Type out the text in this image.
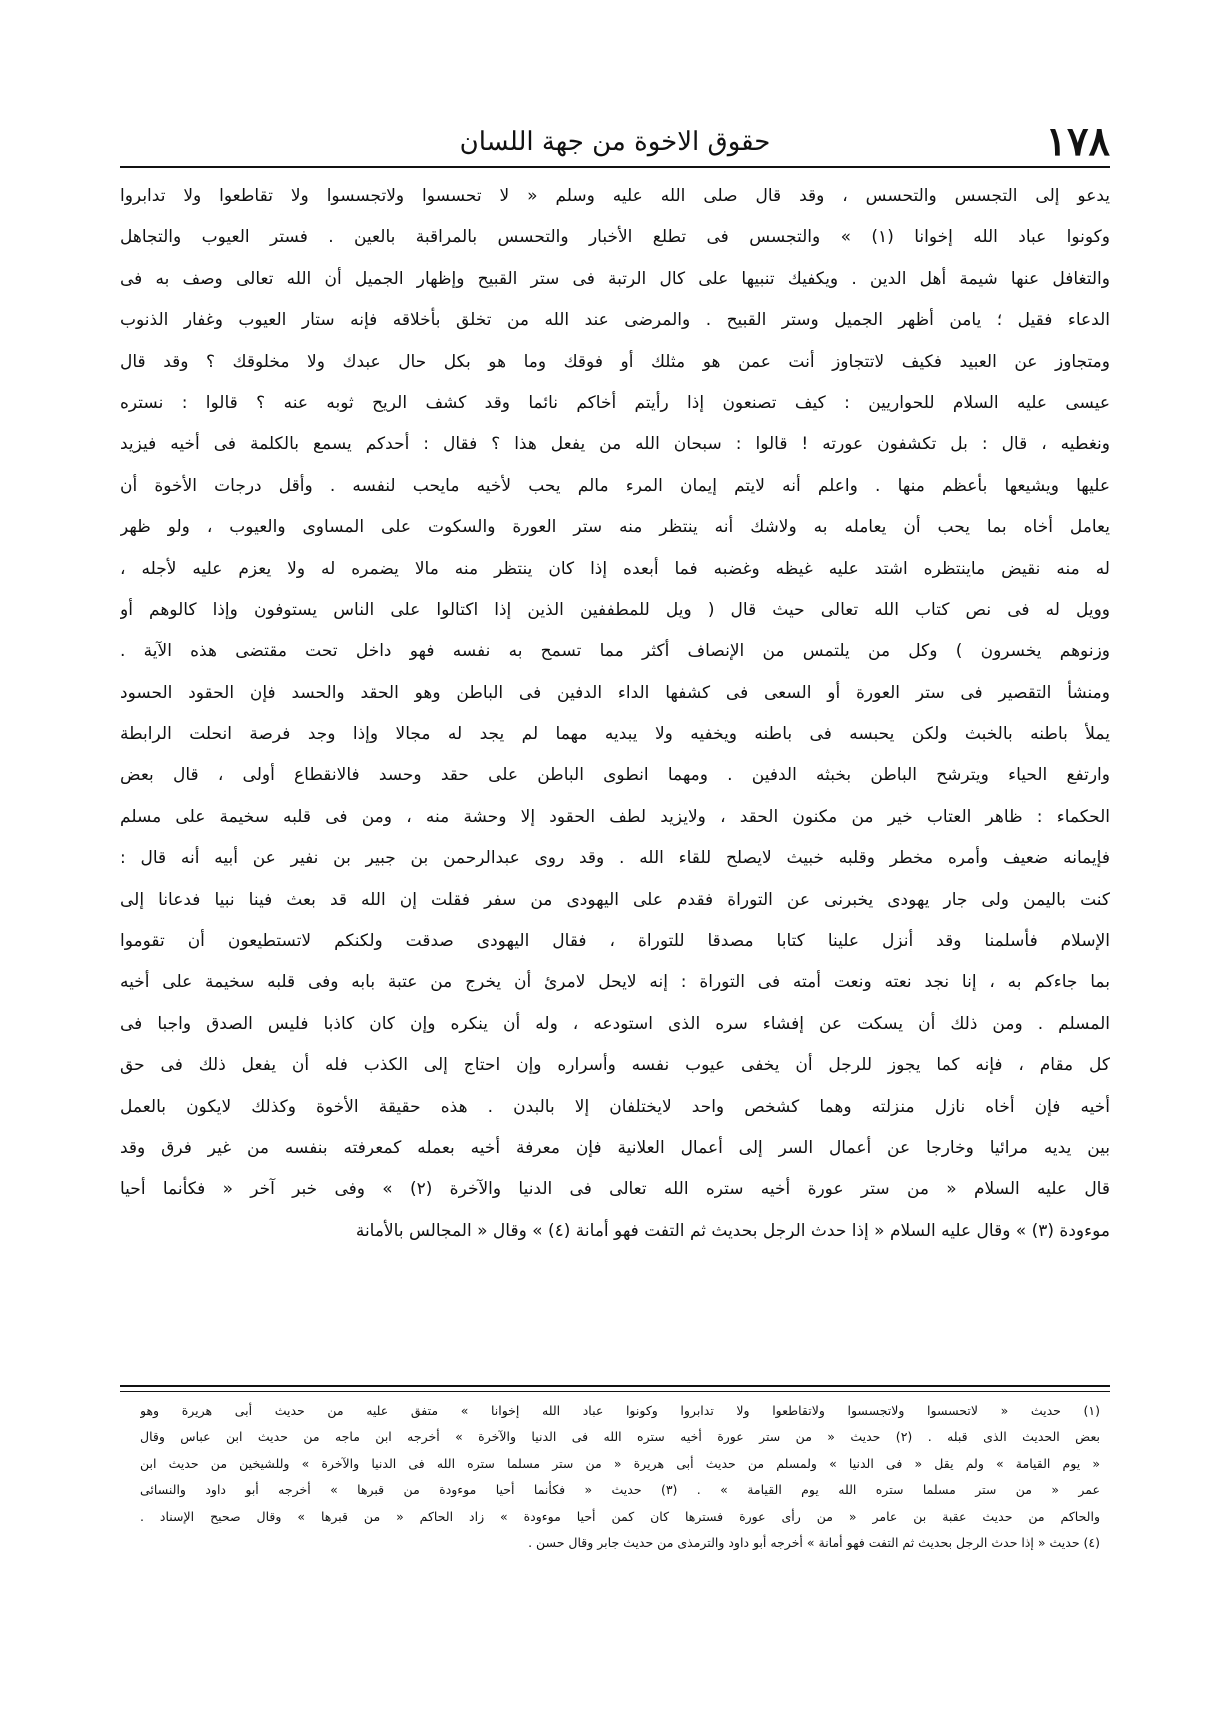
١٧٨
حقوق الاخوة من جهة اللسان
يدعو إلى التجسس والتحسس ، وقد قال صلى الله عليه وسلم « لا تحسسوا ولاتجسسوا ولا تقاطعوا ولا تدابروا
وكونوا عباد الله إخوانا (١) » والتجسس فى تطلع الأخبار والتحسس بالمراقبة بالعين . فستر العيوب والتجاهل
والتغافل عنها شيمة أهل الدين . ويكفيك تنبيها على كال الرتبة فى ستر القبيح وإظهار الجميل أن الله تعالى وصف به فى
الدعاء فقيل ؛ يامن أظهر الجميل وستر القبيح . والمرضى عند الله من تخلق بأخلاقه فإنه ستار العيوب وغفار الذنوب
ومتجاوز عن العبيد فكيف لاتتجاوز أنت عمن هو مثلك أو فوقك وما هو بكل حال عبدك ولا مخلوقك ؟ وقد قال
عيسى عليه السلام للحواريين : كيف تصنعون إذا رأيتم أخاكم نائما وقد كشف الريح ثوبه عنه ؟ قالوا : نستره
ونغطيه ، قال : بل تكشفون عورته ! قالوا : سبحان الله من يفعل هذا ؟ فقال : أحدكم يسمع بالكلمة فى أخيه فيزيد
عليها ويشيعها بأعظم منها . واعلم أنه لايتم إيمان المرء مالم يحب لأخيه مايحب لنفسه . وأقل درجات الأخوة أن
يعامل أخاه بما يحب أن يعامله به ولاشك أنه ينتظر منه ستر العورة والسكوت على المساوى والعيوب ، ولو ظهر
له منه نقيض ماينتظره اشتد عليه غيظه وغضبه فما أبعده إذا كان ينتظر منه مالا يضمره له ولا يعزم عليه لأجله ،
وويل له فى نص كتاب الله تعالى حيث قال ( ويل للمطففين الذين إذا اكتالوا على الناس يستوفون وإذا كالوهم أو
وزنوهم يخسرون ) وكل من يلتمس من الإنصاف أكثر مما تسمح به نفسه فهو داخل تحت مقتضى هذه الآية .
ومنشأ التقصير فى ستر العورة أو السعى فى كشفها الداء الدفين فى الباطن وهو الحقد والحسد فإن الحقود الحسود
يملأ باطنه بالخبث ولكن يحبسه فى باطنه ويخفيه ولا يبديه مهما لم يجد له مجالا وإذا وجد فرصة انحلت الرابطة
وارتفع الحياء ويترشح الباطن بخبثه الدفين . ومهما انطوى الباطن على حقد وحسد فالانقطاع أولى ، قال بعض
الحكماء : ظاهر العتاب خير من مكنون الحقد ، ولايزيد لطف الحقود إلا وحشة منه ، ومن فى قلبه سخيمة على مسلم
فإيمانه ضعيف وأمره مخطر وقلبه خبيث لايصلح للقاء الله . وقد روى عبدالرحمن بن جبير بن نفير عن أبيه أنه قال :
كنت باليمن ولى جار يهودى يخبرنى عن التوراة فقدم على اليهودى من سفر فقلت إن الله قد بعث فينا نبيا فدعانا إلى
الإسلام فأسلمنا وقد أنزل علينا كتابا مصدقا للتوراة ، فقال اليهودى صدقت ولكنكم لاتستطيعون أن تقوموا
بما جاءكم به ، إنا نجد نعته ونعت أمته فى التوراة : إنه لايحل لامرئ أن يخرج من عتبة بابه وفى قلبه سخيمة على أخيه
المسلم . ومن ذلك أن يسكت عن إفشاء سره الذى استودعه ، وله أن ينكره وإن كان كاذبا فليس الصدق واجبا فى
كل مقام ، فإنه كما يجوز للرجل أن يخفى عيوب نفسه وأسراره وإن احتاج إلى الكذب فله أن يفعل ذلك فى حق
أخيه فإن أخاه نازل منزلته وهما كشخص واحد لايختلفان إلا بالبدن . هذه حقيقة الأخوة وكذلك لايكون بالعمل
بين يديه مرائيا وخارجا عن أعمال السر إلى أعمال العلانية فإن معرفة أخيه بعمله كمعرفته بنفسه من غير فرق وقد
قال عليه السلام « من ستر عورة أخيه ستره الله تعالى فى الدنيا والآخرة (٢) » وفى خبر آخر « فكأنما أحيا
موءودة (٣) » وقال عليه السلام « إذا حدث الرجل بحديث ثم التفت فهو أمانة (٤) » وقال « المجالس بالأمانة
(١) حديث « لاتحسسوا ولاتجسسوا ولاتقاطعوا ولا تدابروا وكونوا عباد الله إخوانا » متفق عليه من حديث أبى هريرة وهو
بعض الحديث الذى قبله . (٢) حديث « من ستر عورة أخيه ستره الله فى الدنيا والآخرة » أخرجه ابن ماجه من حديث ابن عباس وقال
« يوم القيامة » ولم يقل « فى الدنيا » ولمسلم من حديث أبى هريرة « من ستر مسلما ستره الله فى الدنيا والآخرة » وللشيخين من حديث ابن
عمر « من ستر مسلما ستره الله يوم القيامة » . (٣) حديث « فكأنما أحيا موءودة من قبرها » أخرجه أبو داود والنسائى
والحاكم من حديث عقبة بن عامر « من رأى عورة فسترها كان كمن أحيا موءودة » زاد الحاكم « من قبرها » وقال صحيح الإسناد .
(٤) حديث « إذا حدث الرجل بحديث ثم التفت فهو أمانة » أخرجه أبو داود والترمذى من حديث جابر وقال حسن .
